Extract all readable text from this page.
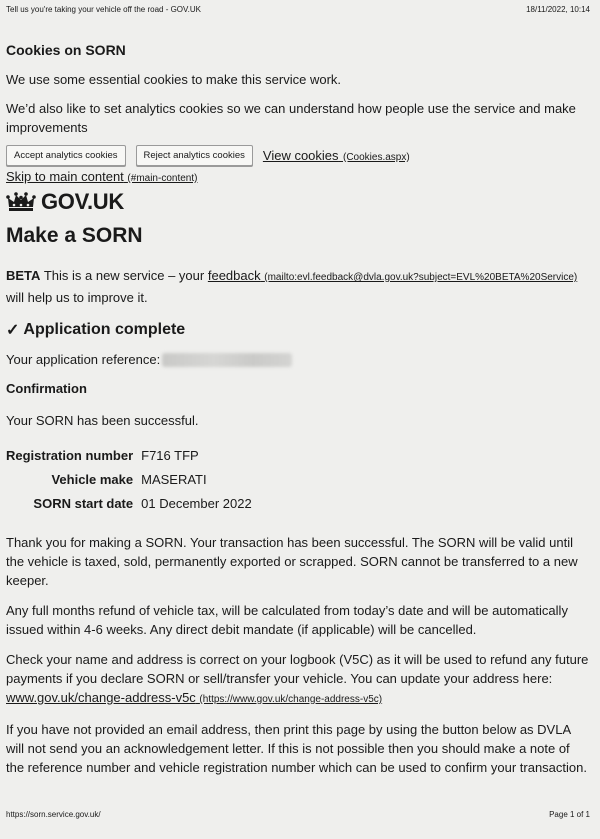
Tell us you're taking your vehicle off the road - GOV.UK	18/11/2022, 10:14
Cookies on SORN

We use some essential cookies to make this service work.

We’d also like to set analytics cookies so we can understand how people use the service and make improvements

Accept analytics cookies	Reject analytics cookies	View cookies (Cookies.aspx)
Skip to main content (#main-content)
GOV.UK
Make a SORN
BETA This is a new service – your feedback (mailto:evl.feedback@dvla.gov.uk?subject=EVL%20BETA%20Service) will help us to improve it.
✓ Application complete
Your application reference:
Confirmation

Your SORN has been successful.

Registration number	F716 TFP
Vehicle make	MASERATI
SORN start date	01 December 2022

Thank you for making a SORN. Your transaction has been successful. The SORN will be valid until the vehicle is taxed, sold, permanently exported or scrapped. SORN cannot be transferred to a new keeper.

Any full months refund of vehicle tax, will be calculated from today’s date and will be automatically issued within 4-6 weeks. Any direct debit mandate (if applicable) will be cancelled.

Check your name and address is correct on your logbook (V5C) as it will be used to refund any future payments if you declare SORN or sell/transfer your vehicle. You can update your address here: www.gov.uk/change-address-v5c (https://www.gov.uk/change-address-v5c)

If you have not provided an email address, then print this page by using the button below as DVLA will not send you an acknowledgement letter. If this is not possible then you should make a note of the reference number and vehicle registration number which can be used to confirm your transaction.

https://sorn.service.gov.uk/	Page 1 of 1
